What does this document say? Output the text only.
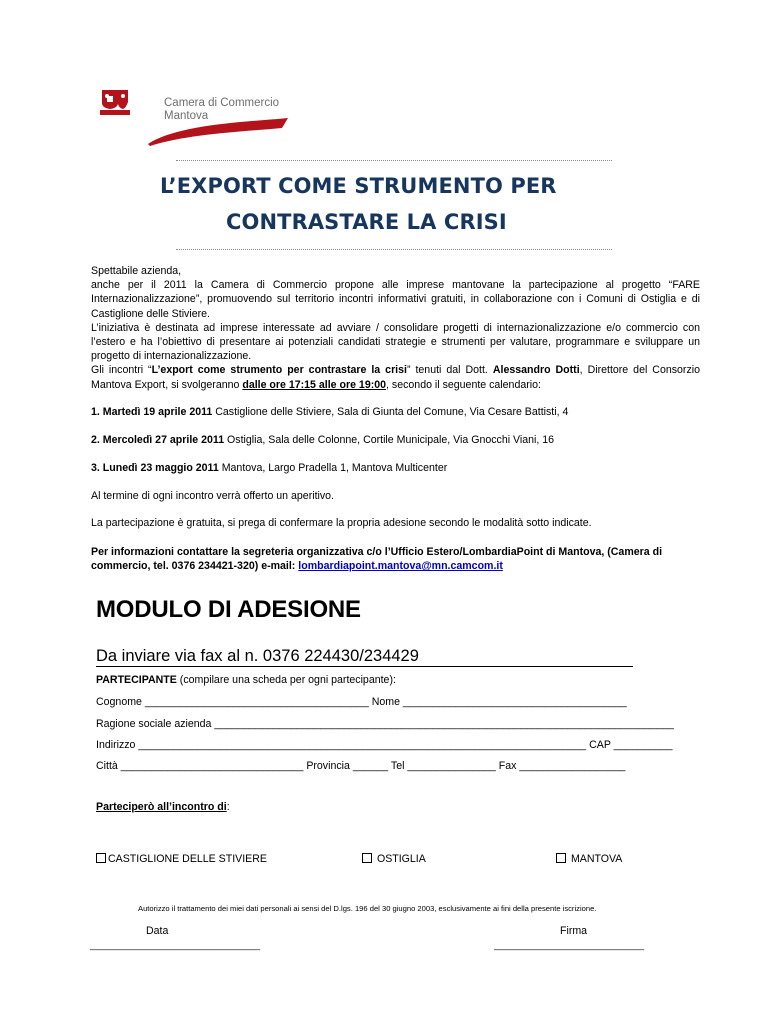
Camera di Commercio
Mantova
L’EXPORT COME STRUMENTO PER
CONTRASTARE LA CRISI
Spettabile azienda,
anche per il 2011 la Camera di Commercio propone alle imprese mantovane la partecipazione al progetto “FARE Internazionalizzazione”, promuovendo sul territorio incontri informativi gratuiti, in collaborazione con i Comuni di Ostiglia e di Castiglione delle Stiviere.
L’iniziativa è destinata ad imprese interessate ad avviare / consolidare progetti di internazionalizzazione e/o commercio con l’estero e ha l’obiettivo di presentare ai potenziali candidati strategie e strumenti per valutare, programmare e sviluppare un progetto di internazionalizzazione.
Gli incontri “L’export come strumento per contrastare la crisi” tenuti dal Dott. Alessandro Dotti, Direttore del Consorzio Mantova Export, si svolgeranno dalle ore 17:15 alle ore 19:00, secondo il seguente calendario:
1. Martedì 19 aprile 2011 Castiglione delle Stiviere, Sala di Giunta del Comune, Via Cesare Battisti, 4
2. Mercoledì 27 aprile 2011 Ostiglia, Sala delle Colonne, Cortile Municipale, Via Gnocchi Viani, 16
3. Lunedì 23 maggio 2011 Mantova, Largo Pradella 1, Mantova Multicenter
Al termine di ogni incontro verrà offerto un aperitivo.
La partecipazione è gratuita, si prega di confermare la propria adesione secondo le modalità sotto indicate.
Per informazioni contattare la segreteria organizzativa c/o l’Ufficio Estero/LombardiaPoint di Mantova, (Camera di commercio, tel. 0376 234421-320) e-mail: lombardiapoint.mantova@mn.camcom.it
MODULO DI ADESIONE
Da inviare via fax al n. 0376 224430/234429
PARTECIPANTE (compilare una scheda per ogni partecipante):
Cognome ______________________________________ Nome ______________________________________
Ragione sociale azienda ______________________________________________________________________________
Indirizzo ____________________________________________________________________________ CAP __________
Città _______________________________ Provincia ______ Tel _______________ Fax __________________
Parteciperò all’incontro di:
CASTIGLIONE DELLE STIVIERE	OSTIGLIA	MANTOVA
Autorizzo il trattamento dei miei dati personali ai sensi del D.lgs. 196 del 30 giugno 2003, esclusivamente ai fini della presente iscrizione.
Data	Firma
__________________________________	______________________________
